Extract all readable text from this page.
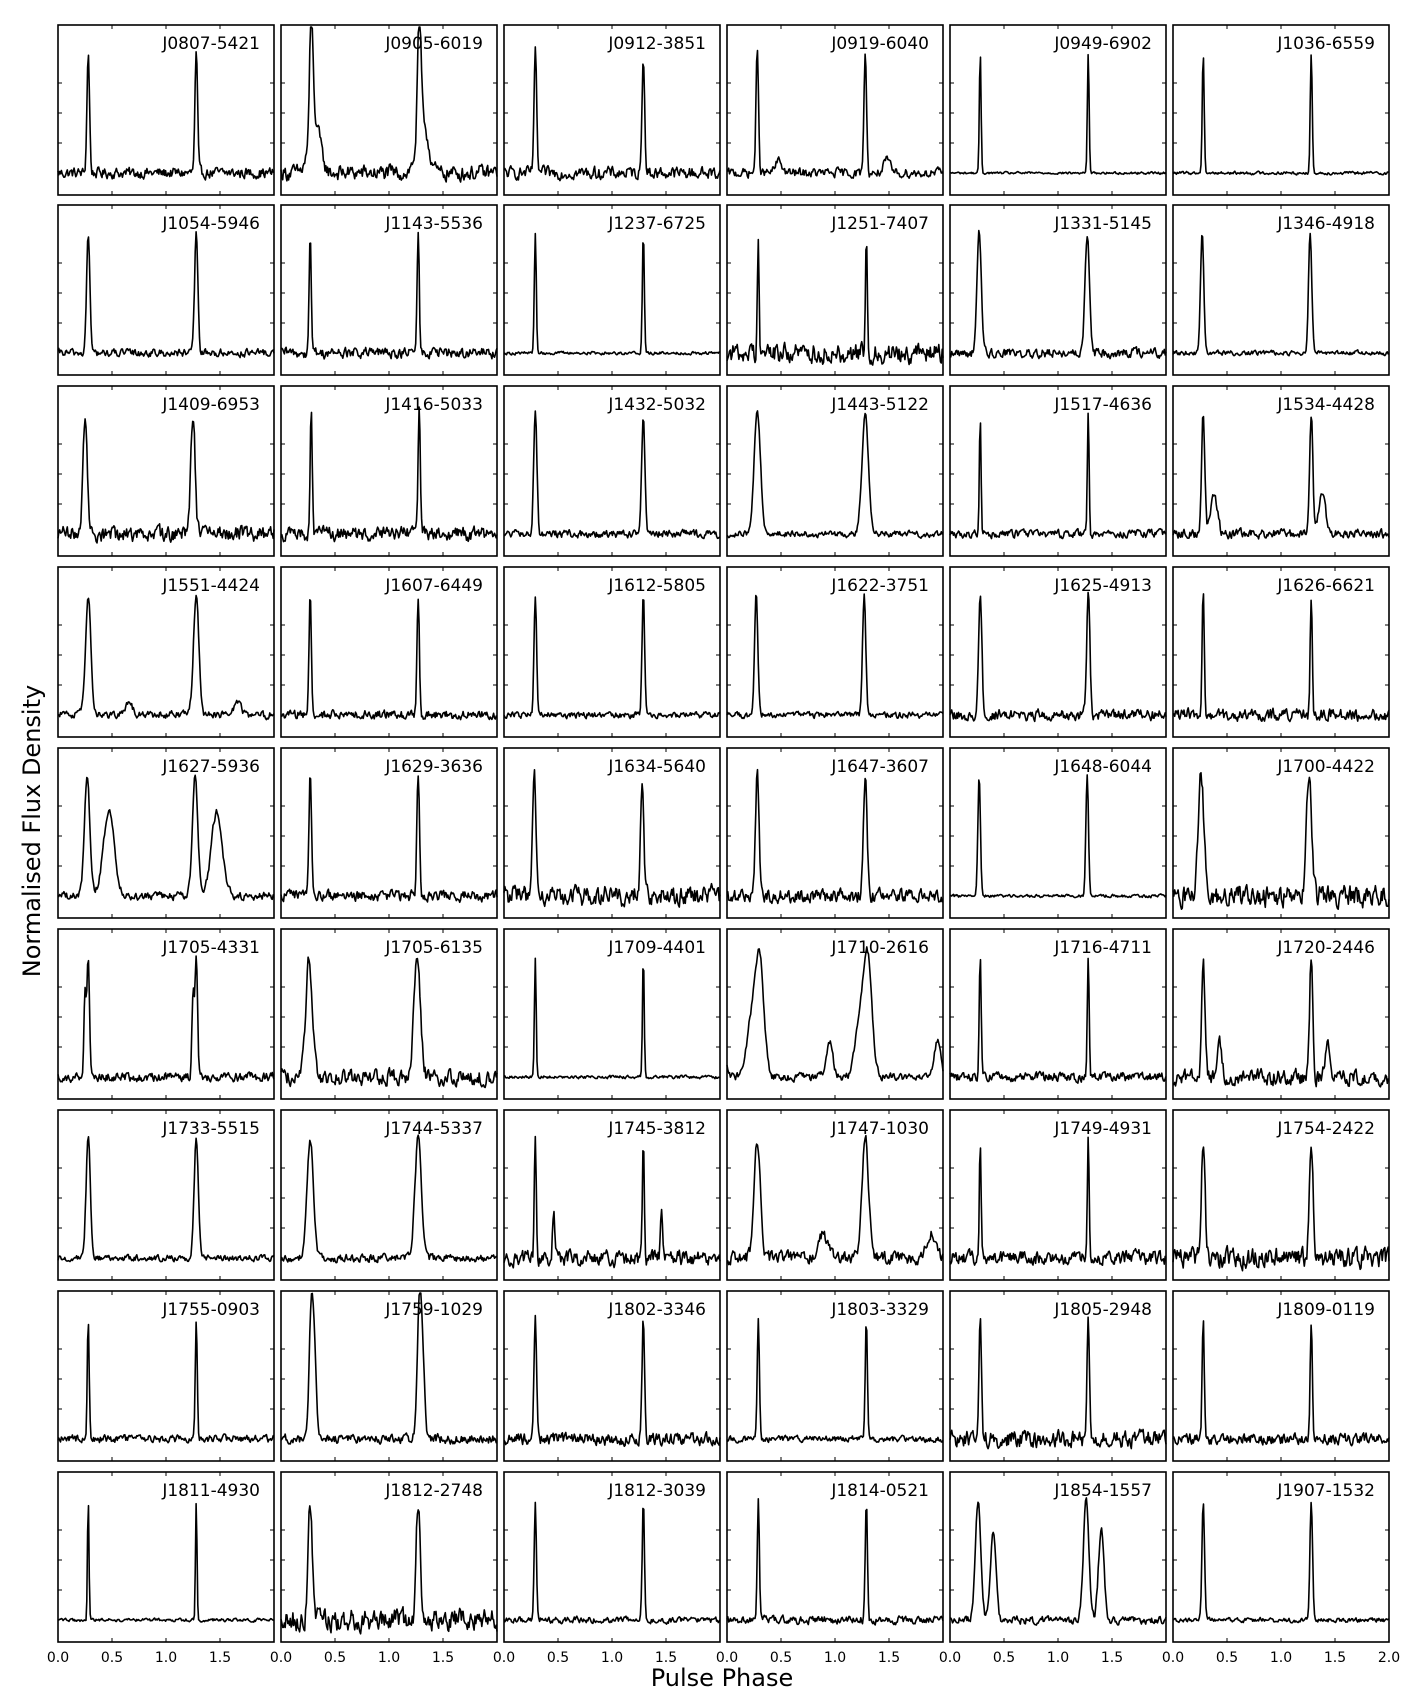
J0807-5421	J0905-6019	J0912-3851	J0919-6040	J0949-6902	J1036-6559
J1054-5946	J1143-5536	J1237-6725	J1251-7407	J1331-5145	J1346-4918
J1409-6953	J1416-5033	J1432-5032	J1443-5122	J1517-4636	J1534-4428
J1551-4424	J1607-6449	J1612-5805	J1622-3751	J1625-4913	J1626-6621
J1627-5936	J1629-3636	J1634-5640	J1647-3607	J1648-6044	J1700-4422
J1705-4331	J1705-6135	J1709-4401	J1710-2616	J1716-4711	J1720-2446
J1733-5515	J1744-5337	J1745-3812	J1747-1030	J1749-4931	J1754-2422
J1755-0903	J1759-1029	J1802-3346	J1803-3329	J1805-2948	J1809-0119
J1811-4930
0.0 0.5 1.0 1.5
J1812-2748
0.0 0.5 1.0 1.5
J1812-3039
0.0 0.5 1.0 1.5
J1814-0521
0.0 0.5 1.0 1.5
J1854-1557
0.0 0.5 1.0 1.5
J1907-1532
0.0 0.5 1.0 1.5 2.0
Normalised Flux Density
Pulse Phase
